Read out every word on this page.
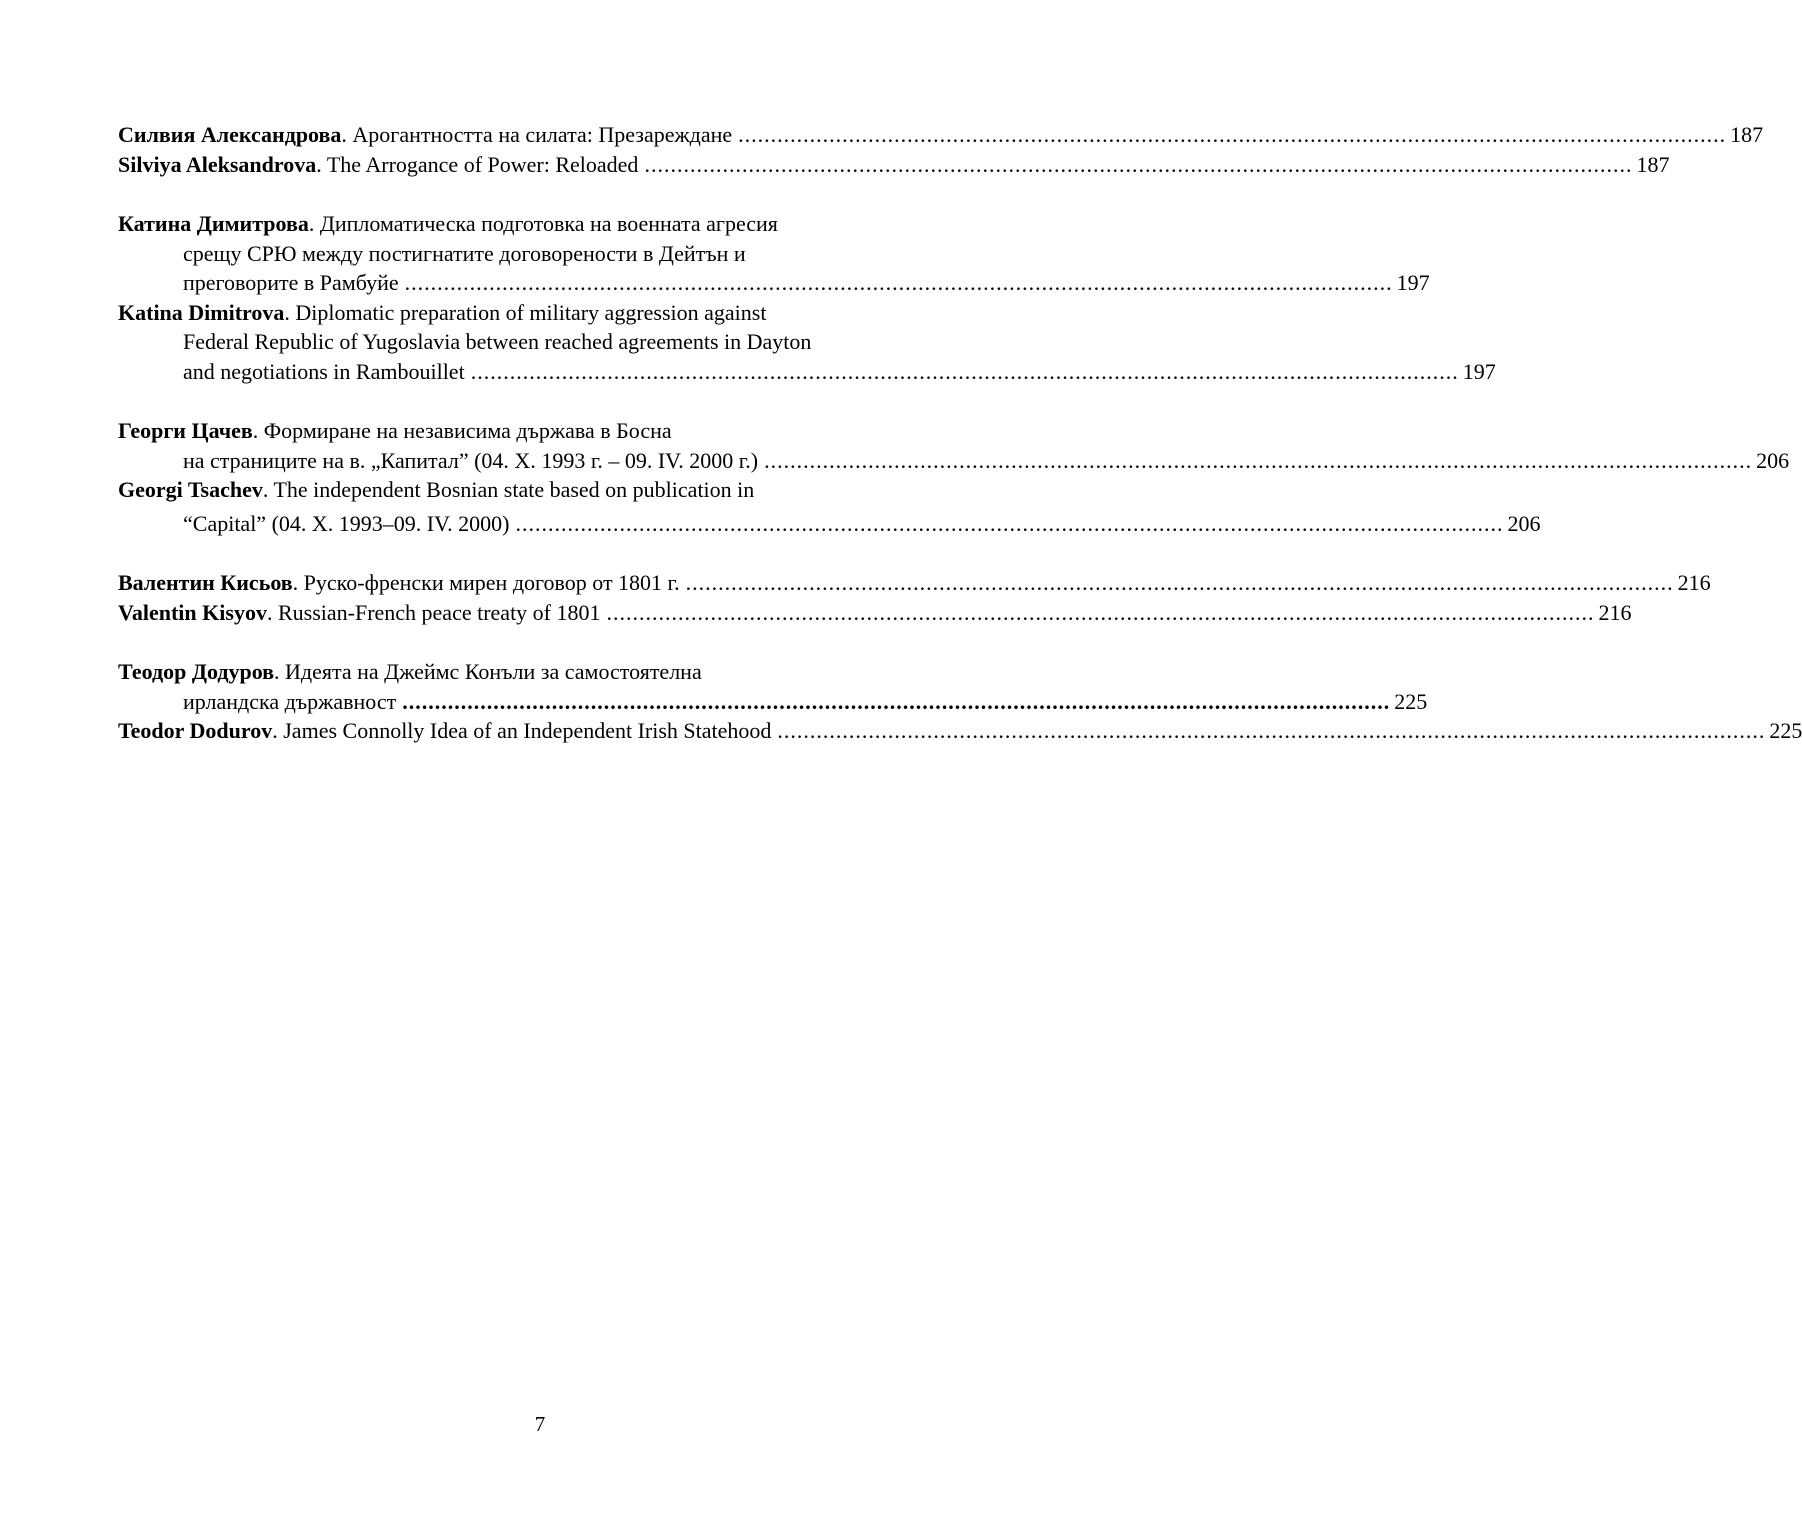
Силвия Александрова. Арогантността на силата: Презареждане ........................................................................................................................................................ 187
Silviya Aleksandrova. The Arrogance of Power: Reloaded ........................................................................................................................................................ 187
Катина Димитрова. Дипломатическа подготовка на военната агресия
срещу СРЮ между постигнатите договорености в Дейтън и
преговорите в Рамбуйе ........................................................................................................................................................ 197
Katina Dimitrova. Diplomatic preparation of military aggression against
Federal Republic of Yugoslavia between reached agreements in Dayton
and negotiations in Rambouillet ........................................................................................................................................................ 197
Георги Цачев. Формиране на независима държава в Босна
на страниците на в. „Капитал” (04. X. 1993 г. – 09. IV. 2000 г.) ........................................................................................................................................................ 206
Georgi Tsachev. The independent Bosnian state based on publication in
“Capital” (04. X. 1993–09. IV. 2000) ........................................................................................................................................................ 206
Валентин Кисьов. Руско-френски мирен договор от 1801 г. ........................................................................................................................................................ 216
Valentin Kisyov. Russian-French peace treaty of 1801 ........................................................................................................................................................ 216
Теодор Додуров. Идеята на Джеймс Конъли за самостоятелна
ирландска държавност ........................................................................................................................................................ 225
Teodor Dodurov. James Connolly Idea of an Independent Irish Statehood ........................................................................................................................................................ 225
7
